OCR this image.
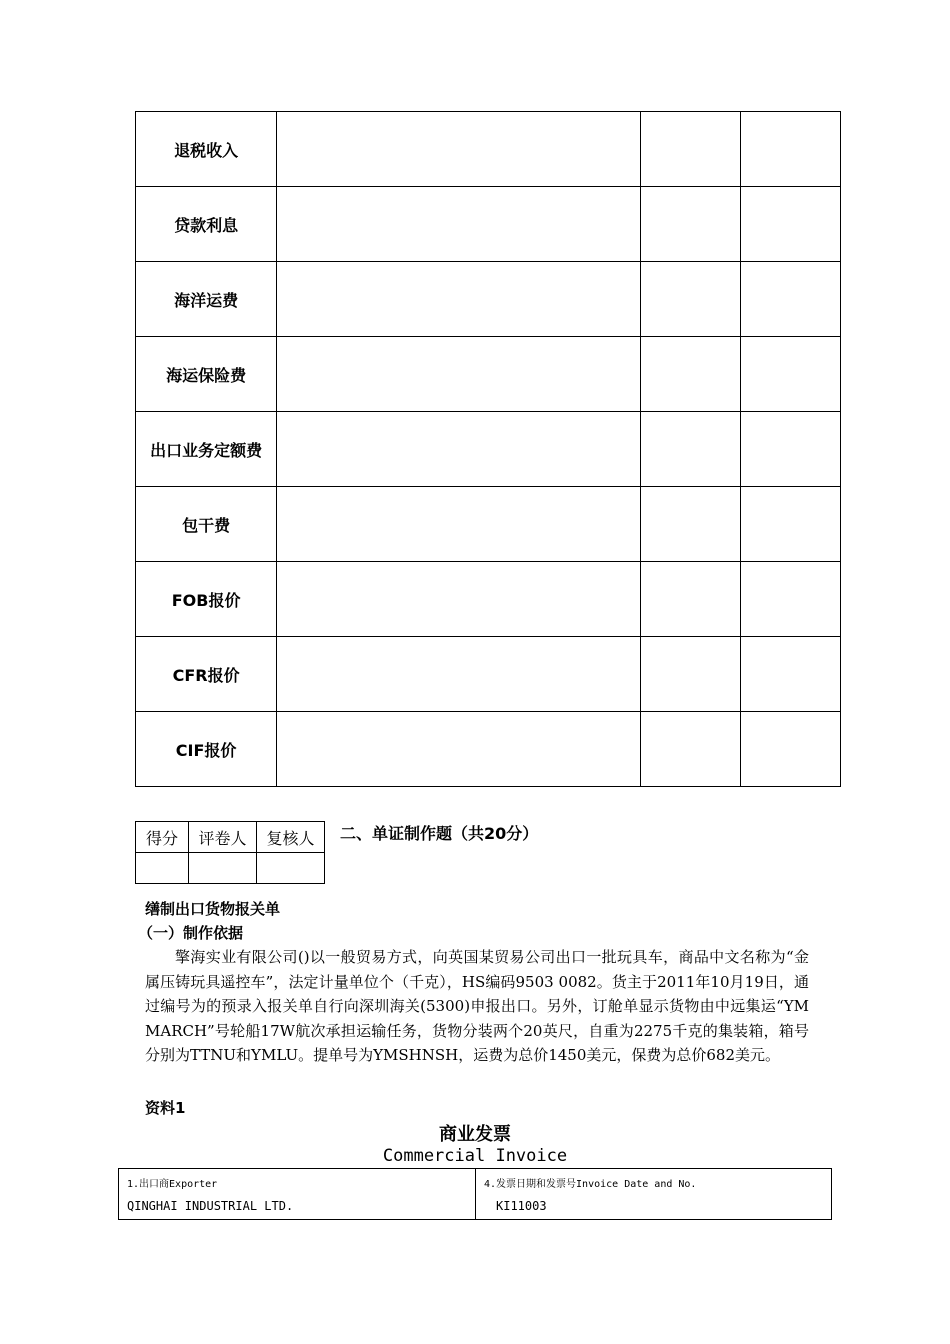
退税收入			
贷款利息			
海洋运费			
海运保险费			
出口业务定额费			
包干费			
FOB报价			
CFR报价			
CIF报价			
得分	评卷人	复核人
		二、单证制作题（共20分）
缮制出口货物报关单
（一）制作依据
擎海实业有限公司()以一般贸易方式，向英国某贸易公司出口一批玩具车，商品中文名称为“金属压铸玩具遥控车”，法定计量单位个（千克），HS编码9503 0082。货主于2011年10月19日，通过编号为的预录入报关单自行向深圳海关(5300)申报出口。另外，订舱单显示货物由中远集运“YM MARCH”号轮船17W航次承担运输任务，货物分装两个20英尺，自重为2275千克的集装箱，箱号分别为TTNU和YMLU。提单号为YMSHNSH，运费为总价1450美元，保费为总价682美元。
资料1
商业发票
Commercial Invoice
1.出口商Exporter
QINGHAI INDUSTRIAL LTD.

4.发票日期和发票号Invoice Date and No.
KI11003
